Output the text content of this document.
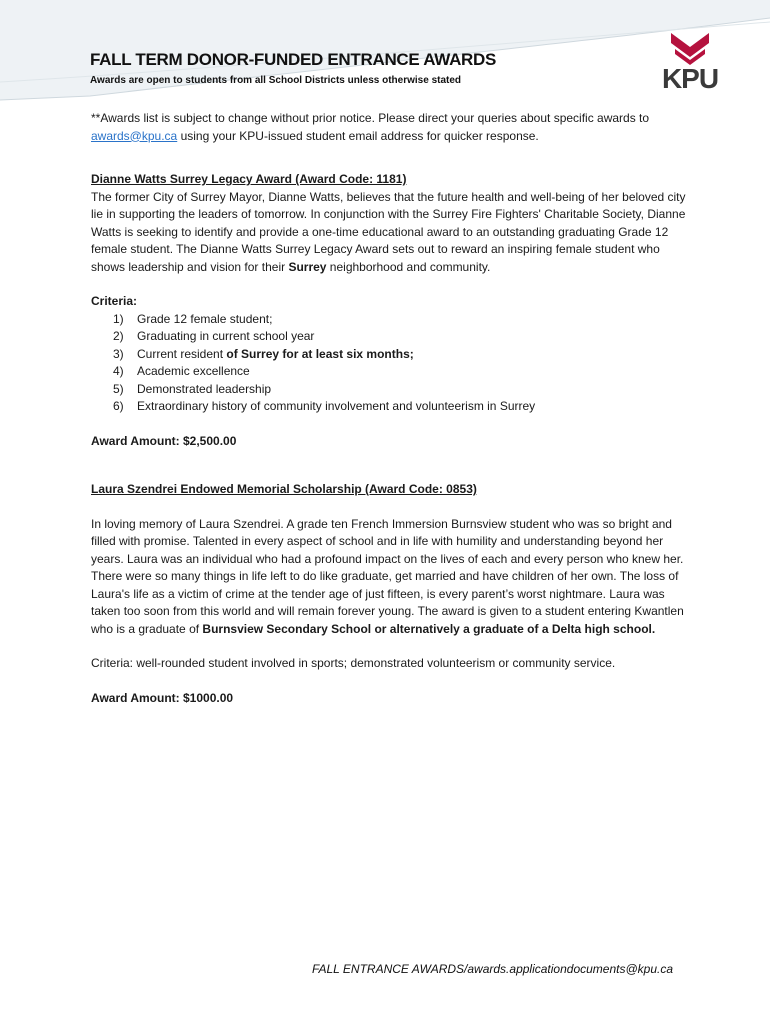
FALL TERM DONOR-FUNDED ENTRANCE AWARDS

Awards are open to students from all School Districts unless otherwise stated	KPU

**Awards list is subject to change without prior notice. Please direct your queries about specific awards to awards@kpu.ca using your KPU-issued student email address for quicker response.

Dianne Watts Surrey Legacy Award (Award Code: 1181)

The former City of Surrey Mayor, Dianne Watts, believes that the future health and well-being of her beloved city lie in supporting the leaders of tomorrow. In conjunction with the Surrey Fire Fighters' Charitable Society, Dianne Watts is seeking to identify and provide a one-time educational award to an outstanding graduating Grade 12 female student. The Dianne Watts Surrey Legacy Award sets out to reward an inspiring female student who shows leadership and vision for their Surrey neighborhood and community.

Criteria:

1) Grade 12 female student;
2) Graduating in current school year
3) Current resident of Surrey for at least six months;
4) Academic excellence
5) Demonstrated leadership
6) Extraordinary history of community involvement and volunteerism in Surrey

Award Amount: $2,500.00

Laura Szendrei Endowed Memorial Scholarship (Award Code: 0853)

In loving memory of Laura Szendrei. A grade ten French Immersion Burnsview student who was so bright and filled with promise. Talented in every aspect of school and in life with humility and understanding beyond her years. Laura was an individual who had a profound impact on the lives of each and every person who knew her. There were so many things in life left to do like graduate, get married and have children of her own. The loss of Laura's life as a victim of crime at the tender age of just fifteen, is every parent’s worst nightmare. Laura was taken too soon from this world and will remain forever young. The award is given to a student entering Kwantlen who is a graduate of Burnsview Secondary School or alternatively a graduate of a Delta high school.

Criteria: well-rounded student involved in sports; demonstrated volunteerism or community service.

Award Amount: $1000.00

FALL ENTRANCE AWARDS/awards.applicationdocuments@kpu.ca
